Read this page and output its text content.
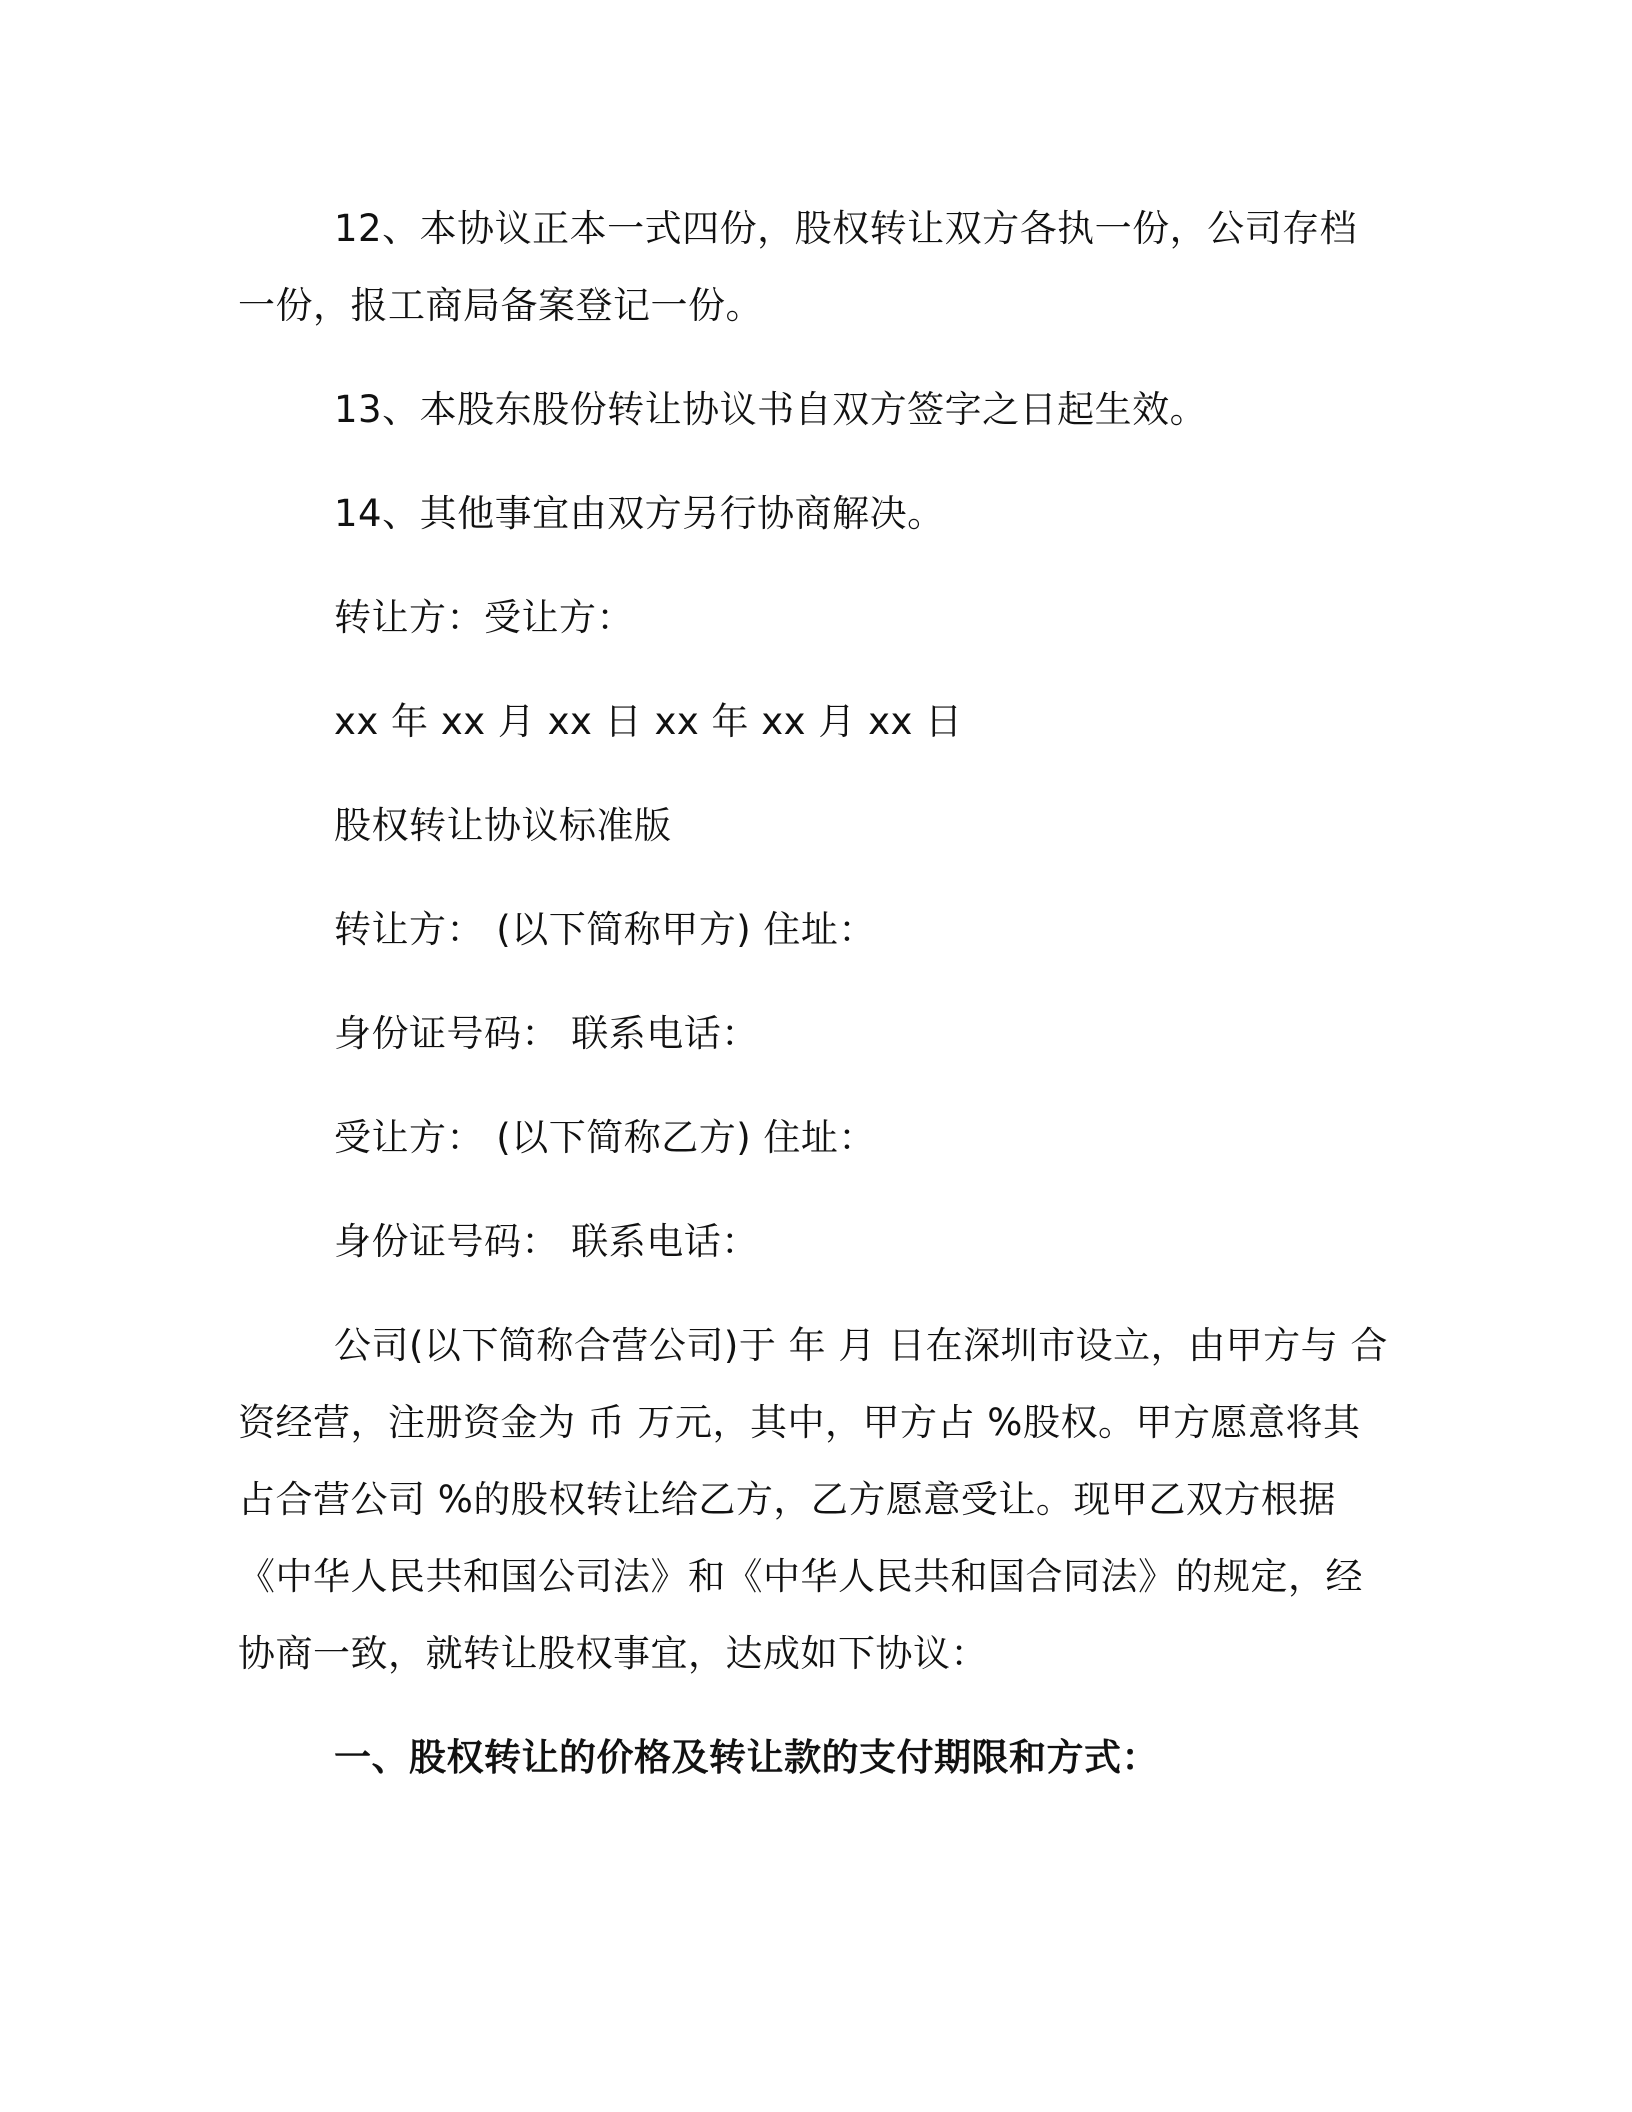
12、本协议正本一式四份，股权转让双方各执一份，公司存档一份，报工商局备案登记一份。

13、本股东股份转让协议书自双方签字之日起生效。

14、其他事宜由双方另行协商解决。

转让方：受让方：

xx 年 xx 月 xx 日 xx 年 xx 月 xx 日

股权转让协议标准版

转让方： (以下简称甲方) 住址：

身份证号码： 联系电话：

受让方： (以下简称乙方) 住址：

身份证号码： 联系电话：

公司(以下简称合营公司)于 年 月 日在深圳市设立，由甲方与 合资经营，注册资金为 币 万元，其中，甲方占 %股权。甲方愿意将其占合营公司 %的股权转让给乙方，乙方愿意受让。现甲乙双方根据《中华人民共和国公司法》和《中华人民共和国合同法》的规定，经协商一致，就转让股权事宜，达成如下协议：

一、股权转让的价格及转让款的支付期限和方式：
